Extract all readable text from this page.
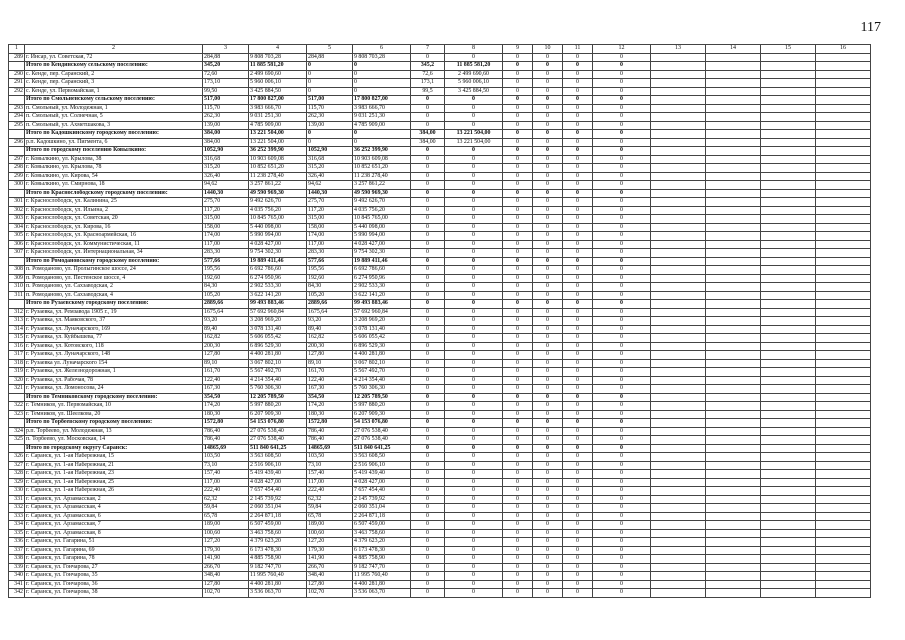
117
1	2	3	4	5	6	7	8	9	10	11	12	13	14	15	16
289	г. Инсар, ул. Советская, 72	284,88	9 808 703,28	284,88	9 808 703,28	0	0	0	0	0	0				
	Итого по Кендинскому сельскому поселению:	345,20	11 885 581,20	0	0	345,2	11 885 581,20	0	0	0	0				
290	с. Кенде, пер. Саранский, 2	72,60	2 499 690,60	0	0	72,6	2 499 690,60	0	0	0	0				
291	с. Кенде, пер. Саранский, 3	173,10	5 960 006,10	0	0	173,1	5 960 006,10	0	0	0	0				
292	с. Кенде, ул. Первомайская, 1	99,50	3 425 884,50	0	0	99,5	3 425 884,50	0	0	0	0				
	Итого по Смольненскому сельскому поселению:	517,00	17 800 827,00	517,00	17 800 827,00	0	0	0	0	0	0				
293	п. Смольный, ул. Молодежная, 1	115,70	3 983 666,70	115,70	3 983 666,70	0	0	0	0	0	0				
294	п. Смольный, ул. Солнечная, 5	262,30	9 031 251,30	262,30	9 031 251,30	0	0	0	0	0	0				
295	п. Смольный, ул. Ахметшакова, 3	139,00	4 785 909,00	139,00	4 785 909,00	0	0	0	0	0	0				
	Итого по Кадошкинскому городскому поселению:	384,00	13 221 504,00	0	0	384,00	13 221 504,00	0	0	0	0				
296	р.п. Кадошкино, ул. Пигмента, 6	384,00	13 221 504,00	0	0	384,00	13 221 504,00	0	0	0	0				
	Итого по городскому поселению Ковылкино:	1052,90	36 252 399,90	1052,90	36 252 399,90	0	0	0	0	0	0				
297	г. Ковылкино, ул. Крылова, 38	316,68	10 903 609,08	316,68	10 903 609,08	0	0	0	0	0	0				
298	г. Ковылкино, ул. Крылова, 78	315,20	10 852 651,20	315,20	10 852 651,20	0	0	0	0	0	0				
299	г. Ковылкино, ул. Кирова, 54	326,40	11 238 278,40	326,40	11 238 278,40	0	0	0	0	0	0				
300	г. Ковылкино, ул. Смирнова, 18	94,62	3 257 861,22	94,62	3 257 861,22	0	0	0	0	0	0				
	Итого по Краснослободскому городскому поселению:	1440,30	49 590 969,30	1440,30	49 590 969,30	0	0	0	0	0	0				
301	г. Краснослободск, ул. Калинина, 25	275,70	9 492 626,70	275,70	9 492 626,70	0	0	0	0	0	0				
302	г. Краснослободск, ул. Ильина, 2	117,20	4 035 756,20	117,20	4 035 756,20	0	0	0	0	0	0				
303	г. Краснослободск, ул. Советская, 20	315,00	10 845 765,00	315,00	10 845 765,00	0	0	0	0	0	0				
304	г. Краснослободск, ул. Кирова, 16	158,00	5 440 098,00	158,00	5 440 098,00	0	0	0	0	0	0				
305	г. Краснослободск, ул. Красноармейская, 16	174,00	5 990 994,00	174,00	5 990 994,00	0	0	0	0	0	0				
306	г. Краснослободск, ул. Коммунистическая, 11	117,00	4 028 427,00	117,00	4 028 427,00	0	0	0	0	0	0				
307	г. Краснослободск, ул. Интернациональная, 34	283,30	9 754 302,30	283,30	9 754 302,30	0	0	0	0	0	0				
	Итого по Ромодановскому городскому поселению:	577,66	19 889 411,46	577,66	19 889 411,46	0	0	0	0	0	0				
308	п. Ромоданово, ул. Пролыгинское шоссе, 24	195,56	6 692 786,60	195,56	6 692 786,60	0	0	0	0	0	0				
309	п. Ромоданово, ул. Пестенское шоссе, 4	192,60	6 274 950,96	192,60	6 274 950,96	0	0	0	0	0	0				
310	п. Ромоданово, ул. Сахзаводская, 2	84,30	2 902 533,30	84,30	2 902 533,30	0	0	0	0	0	0				
311	п. Ромоданово, ул. Сахзаводская, 4	105,20	3 622 141,20	105,20	3 622 141,20	0	0	0	0	0	0				
	Итого по Рузаевскому городскому поселению:	2889,66	99 493 883,46	2889,66	99 493 883,46	0	0	0	0	0	0				
312	г. Рузаевка, ул. Ремзавода 1905 г., 19	1675,64	57 692 960,84	1675,64	57 692 960,84	0	0	0	0	0	0				
313	г. Рузаевка, ул. Маяковского, 37	93,20	3 208 969,20	93,20	3 208 969,20	0	0	0	0	0	0				
314	г. Рузаевка, ул. Луначарского, 169	89,40	3 078 131,40	89,40	3 078 131,40	0	0	0	0	0	0				
315	г. Рузаевка, ул. Куйбышева, 77	162,82	5 606 055,42	162,82	5 606 055,42	0	0	0	0	0	0				
316	г. Рузаевка, ул. Котовского, 118	200,30	6 896 529,30	200,30	6 896 529,30	0	0	0	0	0	0				
317	г. Рузаевка, ул. Луначарского, 148	127,80	4 400 281,80	127,80	4 400 281,80	0	0	0	0	0	0				
318	г. Рузаевка ул. Луначарского 154	89,10	3 067 802,10	89,10	3 067 802,10	0	0	0	0	0	0				
319	г. Рузаевка, ул. Железнодорожная, 1	161,70	5 567 492,70	161,70	5 567 492,70	0	0	0	0	0	0				
320	г. Рузаевка, ул. Рабочая, 78	122,40	4 214 354,40	122,40	4 214 354,40	0	0	0	0	0	0				
321	г. Рузаевка, ул. Ломоносова, 24	167,30	5 760 306,30	167,30	5 760 306,30	0	0	0	0	0	0				
	Итого по Темниковскому городскому поселению:	354,50	12 205 789,50	354,50	12 205 789,50	0	0	0	0	0	0				
322	г. Темников, ул. Первомайская, 10	174,20	5 997 880,20	174,20	5 997 880,20	0	0	0	0	0	0				
323	г. Темников, ул. Шеелкова, 20	180,30	6 207 909,30	180,30	6 207 909,30	0	0	0	0	0	0				
	Итого по Торбеевскому городскому поселению:	1572,80	54 153 076,80	1572,80	54 153 076,80	0	0	0	0	0	0				
324	р.п. Торбеево, ул. Молодежная, 13	786,40	27 076 538,40	786,40	27 076 538,40	0	0	0	0	0	0				
325	п. Торбеево, ул. Московская, 14	786,40	27 076 538,40	786,40	27 076 538,40	0	0	0	0	0	0				
	Итого по городскому округу Саранск:	14865,69	511 840 641,25	14865,69	511 840 641,25	0	0	0	0	0	0				
326	г. Саранск, ул. 1-ая Набережная, 15	103,50	3 563 608,50	103,50	3 563 608,50	0	0	0	0	0	0				
327	г. Саранск, ул. 1-ая Набережная, 21	73,10	2 516 906,10	73,10	2 516 906,10	0	0	0	0	0	0				
328	г. Саранск, ул. 1-ая Набережная, 23	157,40	5 419 439,40	157,40	5 419 439,40	0	0	0	0	0	0				
329	г. Саранск, ул. 1-ая Набережная, 25	117,00	4 028 427,00	117,00	4 028 427,00	0	0	0	0	0	0				
330	г. Саранск, ул. 1-ая Набережная, 26	222,40	7 657 454,40	222,40	7 657 454,40	0	0	0	0	0	0				
331	г. Саранск, ул. Арзамасская, 2	62,32	2 145 739,92	62,32	2 145 739,92	0	0	0	0	0	0				
332	г. Саранск, ул. Арзамасская, 4	59,84	2 060 351,04	59,84	2 060 351,04	0	0	0	0	0	0				
333	г. Саранск, ул. Арзамасская, 6	65,78	2 264 871,18	65,78	2 264 871,18	0	0	0	0	0	0				
334	г. Саранск, ул. Арзамасская, 7	189,00	6 507 459,00	189,00	6 507 459,00	0	0	0	0	0	0				
335	г. Саранск, ул. Арзамасская, 8	100,60	3 463 758,60	100,60	3 463 758,60	0	0	0	0	0	0				
336	г. Саранск, ул. Гагарина, 51	127,20	4 379 623,20	127,20	4 379 623,20	0	0	0	0	0	0				
337	г. Саранск, ул. Гагарина, 69	179,30	6 173 478,30	179,30	6 173 478,30	0	0	0	0	0	0				
338	г. Саранск, ул. Гагарина, 78	141,90	4 885 758,90	141,90	4 885 758,90	0	0	0	0	0	0				
339	г. Саранск, ул. Гончарова, 27	266,70	9 182 747,70	266,70	9 182 747,70	0	0	0	0	0	0				
340	г. Саранск, ул. Гончарова, 35	348,40	11 995 760,40	348,40	11 995 760,40	0	0	0	0	0	0				
341	г. Саранск, ул. Гончарова, 36	127,80	4 400 281,80	127,80	4 400 281,80	0	0	0	0	0	0				
342	г. Саранск, ул. Гончарова, 38	102,70	3 536 063,70	102,70	3 536 063,70	0	0	0	0	0	0				
